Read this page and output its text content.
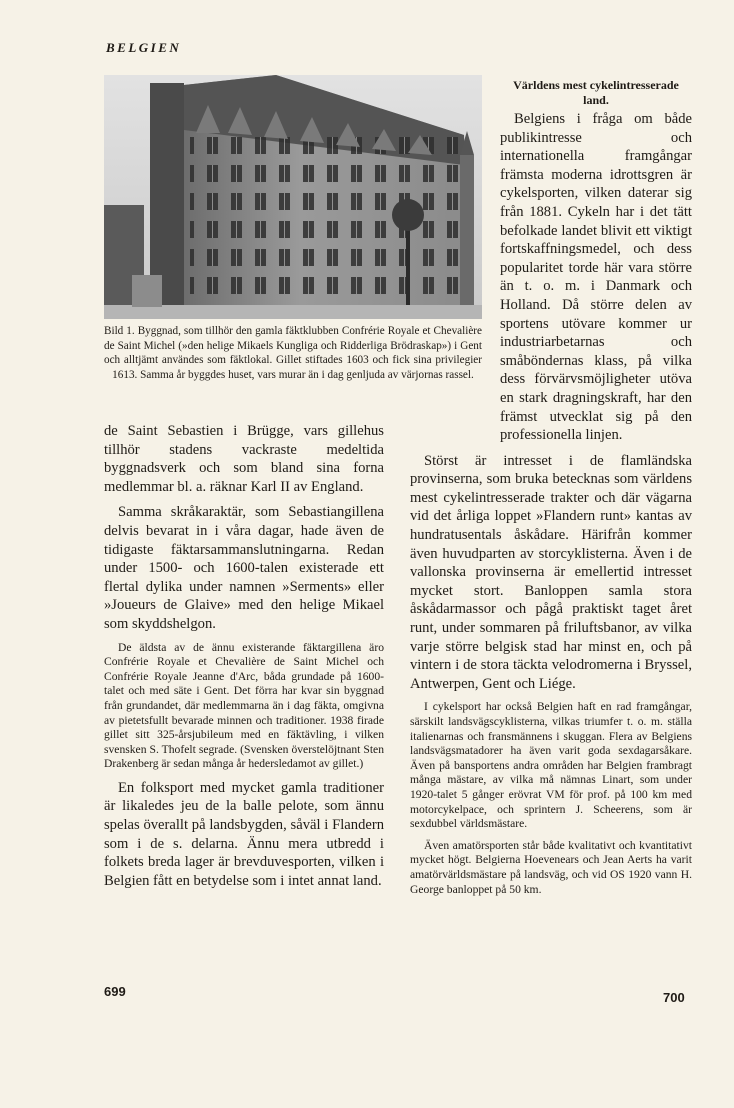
BELGIEN
Bild 1. Byggnad, som tillhör den gamla fäktklubben Confrérie Royale et Chevalière de Saint Michel (»den helige Mikaels Kungliga och Ridderliga Brödraskap») i Gent och alltjämt användes som fäktlokal. Gillet stiftades 1603 och fick sina privilegier 1613. Samma år byggdes huset, vars murar än i dag genljuda av värjornas rassel.

de Saint Sebastien i Brügge, vars gillehus tillhör stadens vackraste medeltida byggnadsverk och som bland sina forna medlemmar bl. a. räknar Karl II av England.

Samma skråkaraktär, som Sebastiangillena delvis bevarat in i våra dagar, hade även de tidigaste fäktarsammanslutningarna. Redan under 1500- och 1600-talen existerade ett flertal dylika under namnen »Serments» eller »Joueurs de Glaive» med den helige Mikael som skyddshelgon.

De äldsta av de ännu existerande fäktargillena äro Confrérie Royale et Chevalière de Saint Michel och Confrérie Royale Jeanne d'Arc, båda grundade på 1600-talet och med säte i Gent. Det förra har kvar sin byggnad från grundandet, där medlemmarna än i dag fäkta, omgivna av pietetsfullt bevarade minnen och traditioner. 1938 firade gillet sitt 325-årsjubileum med en fäktävling, i vilken svensken S. Thofelt segrade. (Svensken överstelöjtnant Sten Drakenberg är sedan många år hedersledamot av gillet.)

En folksport med mycket gamla traditioner är likaledes jeu de la balle pelote, som ännu spelas överallt på landsbygden, såväl i Flandern som i de s. delarna. Ännu mera utbredd i folkets breda lager är brevduvesporten, vilken i Belgien fått en betydelse som i intet annat land.

Världens mest cykelintresserade land.

Belgiens i fråga om både publikintresse och internationella framgångar främsta moderna idrottsgren är cykelsporten, vilken daterar sig från 1881. Cykeln har i det tätt befolkade landet blivit ett viktigt fortskaffningsmedel, och dess popularitet torde här vara större än t. o. m. i Danmark och Holland. Då större delen av sportens utövare kommer ur industriarbetarnas och småböndernas klass, på vilka dess förvärvsmöjligheter utöva en stark dragningskraft, har den främst utvecklat sig på den professionella linjen.

Störst är intresset i de flamländska provinserna, som bruka betecknas som världens mest cykelintresserade trakter och där vägarna vid det årliga loppet »Flandern runt» kantas av hundratusentals åskådare. Härifrån kommer även huvudparten av storcyklisterna. Även i de vallonska provinserna är emellertid intresset mycket stort. Banloppen samla stora åskådarmassor och pågå praktiskt taget året runt, under sommaren på friluftsbanor, av vilka varje större belgisk stad har minst en, och på vintern i de stora täckta velodromerna i Bryssel, Antwerpen, Gent och Liége.

I cykelsport har också Belgien haft en rad framgångar, särskilt landsvägscyklisterna, vilkas triumfer t. o. m. ställa italienarnas och fransmännens i skuggan. Flera av Belgiens landsvägsmatadorer ha även varit goda sexdagarsåkare. Även på bansportens andra områden har Belgien frambragt många mästare, av vilka må nämnas Linart, som under 1920-talet 5 gånger erövrat VM för prof. på 100 km med motorcykelpace, och sprintern J. Scheerens, som är sexdubbel världsmästare.

Även amatörsporten står både kvalitativt och kvantitativt mycket högt. Belgierna Hoevenears och Jean Aerts ha varit amatörvärldsmästare på landsväg, och vid OS 1920 vann H. George banloppet på 50 km.

699	700
